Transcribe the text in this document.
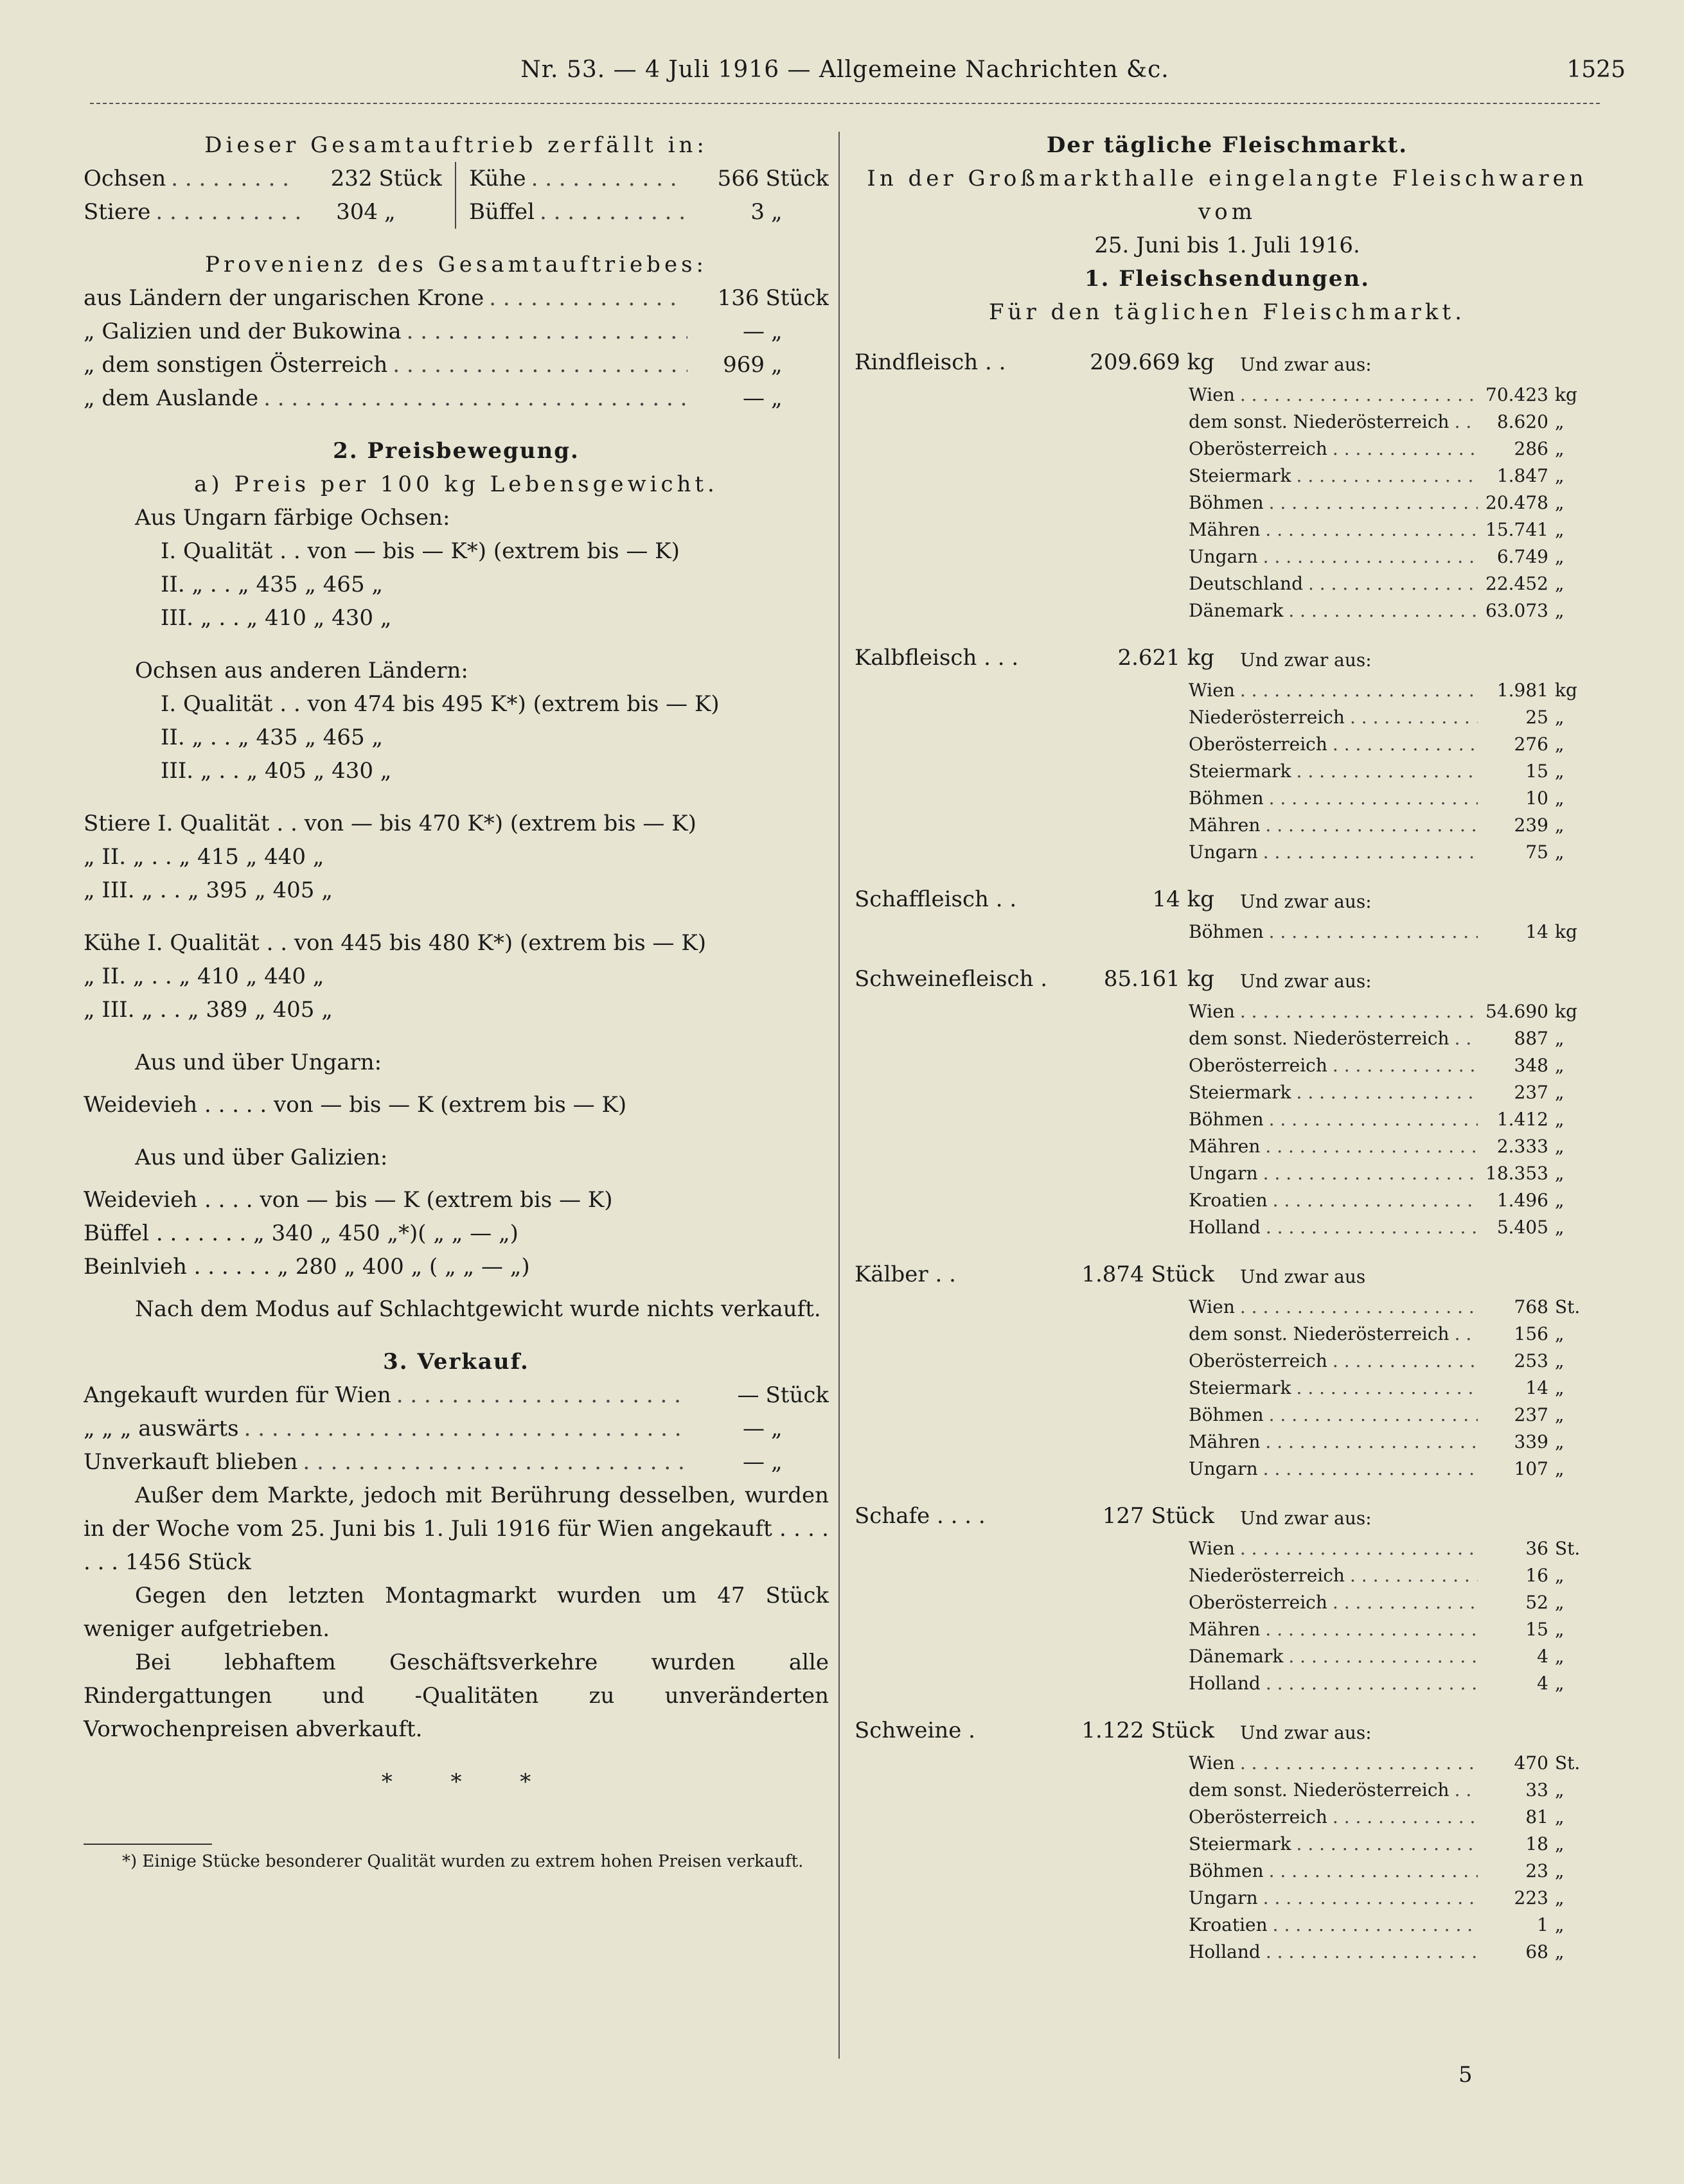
Nr. 53. — 4 Juli 1916 — Allgemeine Nachrichten &c.	1525
Dieser Gesamtauftrieb zerfällt in:
Ochsen . . .	232 Stück
Stiere . . .	304 „
Kühe . . .	566 Stück
Büffel . . .	3 „
Provenienz des Gesamtauftriebes:
aus Ländern der ungarischen Krone . . .	136 Stück
„ Galizien und der Bukowina . . .	— „
„ dem sonstigen Österreich . . .	969 „
„ dem Auslande . . .	— „
2. Preisbewegung.
a) Preis per 100 kg Lebensgewicht.
Aus Ungarn färbige Ochsen:
I. Qualität . . von — bis — K*) (extrem bis — K)
II. „ . . „ 435 „ 465 „
III. „ . . „ 410 „ 430 „
Ochsen aus anderen Ländern:
I. Qualität . . von 474 bis 495 K*) (extrem bis — K)
II. „ . . „ 435 „ 465 „
III. „ . . „ 405 „ 430 „
Stiere I. Qualität . . von — bis 470 K*) (extrem bis — K)
„ II. „ . . „ 415 „ 440 „
„ III. „ . . „ 395 „ 405 „
Kühe I. Qualität . . von 445 bis 480 K*) (extrem bis — K)
„ II. „ . . „ 410 „ 440 „
„ III. „ . . „ 389 „ 405 „
Aus und über Ungarn:
Weidevieh . . . . . von — bis — K (extrem bis — K)
Aus und über Galizien:
Weidevieh . . . . von — bis — K (extrem bis — K)
Büffel . . . . . . . „ 340 „ 450 „*)( „ „ — „)
Beinlvieh . . . . . . „ 280 „ 400 „ ( „ „ — „)
Nach dem Modus auf Schlachtgewicht wurde nichts verkauft.
3. Verkauf.
Angekauft wurden für Wien . . .	— Stück
„ „ „ auswärts . . .	— „
Unverkauft blieben . . .	— „
Außer dem Markte, jedoch mit Berührung desselben, wurden in der Woche vom 25. Juni bis 1. Juli 1916 für Wien angekauft . . . . . . . 1456 Stück
Gegen den letzten Montagmarkt wurden um 47 Stück weniger aufgetrieben.
Bei lebhaftem Geschäftsverkehre wurden alle Rindergattungen und -Qualitäten zu unveränderten Vorwochenpreisen abverkauft.
* * *
*) Einige Stücke besonderer Qualität wurden zu extrem hohen Preisen verkauft.
Der tägliche Fleischmarkt.
In der Großmarkthalle eingelangte Fleischwaren vom
25. Juni bis 1. Juli 1916.
1. Fleischsendungen.
Für den täglichen Fleischmarkt.
Rindfleisch . .	209.669 kg	Und zwar aus:
Wien . . .	70.423 kg
dem sonst. Niederösterreich . . .	8.620 „
Oberösterreich . . .	286 „
Steiermark . . .	1.847 „
Böhmen . . .	20.478 „
Mähren . . .	15.741 „
Ungarn . . .	6.749 „
Deutschland . . .	22.452 „
Dänemark . . .	63.073 „
Kalbfleisch . . .	2.621 kg	Und zwar aus:
Wien . . .	1.981 kg
Niederösterreich . . .	25 „
Oberösterreich . . .	276 „
Steiermark . . .	15 „
Böhmen . . .	10 „
Mähren . . .	239 „
Ungarn . . .	75 „
Schaffleisch . .	14 kg	Und zwar aus:
Böhmen . . .	14 kg
Schweinefleisch .	85.161 kg	Und zwar aus:
Wien . . .	54.690 kg
dem sonst. Niederösterreich . . .	887 „
Oberösterreich . . .	348 „
Steiermark . . .	237 „
Böhmen . . .	1.412 „
Mähren . . .	2.333 „
Ungarn . . .	18.353 „
Kroatien . . .	1.496 „
Holland . . .	5.405 „
Kälber . .	1.874 Stück	Und zwar aus
Wien . . .	768 St.
dem sonst. Niederösterreich . . .	156 „
Oberösterreich . . .	253 „
Steiermark . . .	14 „
Böhmen . . .	237 „
Mähren . . .	339 „
Ungarn . . .	107 „
Schafe . . . .	127 Stück	Und zwar aus:
Wien . . .	36 St.
Niederösterreich . . .	16 „
Oberösterreich . . .	52 „
Mähren . . .	15 „
Dänemark . . .	4 „
Holland . . .	4 „
Schweine .	1.122 Stück	Und zwar aus:
Wien . . .	470 St.
dem sonst. Niederösterreich . . .	33 „
Oberösterreich . . .	81 „
Steiermark . . .	18 „
Böhmen . . .	23 „
Ungarn . . .	223 „
Kroatien . . .	1 „
Holland . . .	68 „
5
